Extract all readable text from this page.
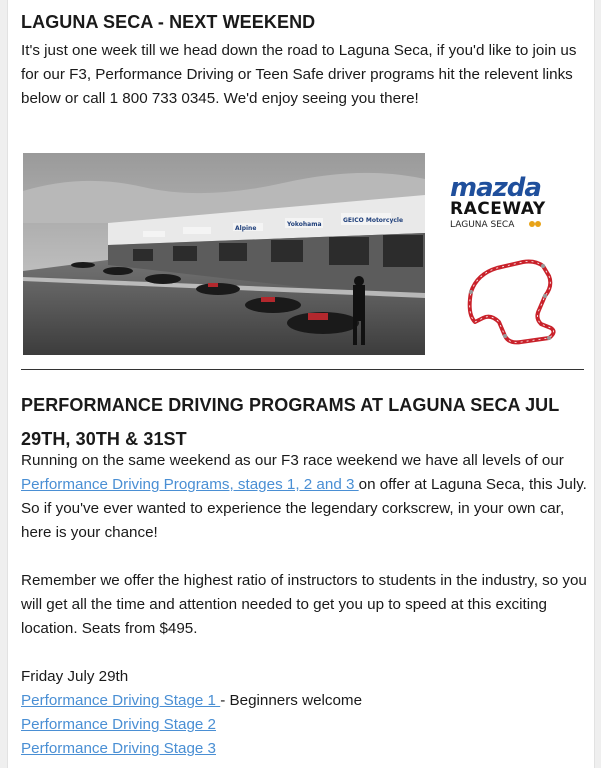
LAGUNA SECA - NEXT WEEKEND

It's just one week till we head down the road to Laguna Seca, if you'd like to join us for our F3, Performance Driving or Teen Safe driver programs hit the relevent links below or call 1 800 733 0345. We'd enjoy seeing you there!

Yokohama
GEICO Motorcycle
Alpine
mazda
RACEWAY
LAGUNA SECA
PERFORMANCE DRIVING PROGRAMS AT LAGUNA SECA JUL 29TH, 30TH & 31ST

Running on the same weekend as our F3 race weekend we have all levels of our Performance Driving Programs, stages 1, 2 and 3 on offer at Laguna Seca, this July. So if you've ever wanted to experience the legendary corkscrew, in your own car, here is your chance!

Remember we offer the highest ratio of instructors to students in the industry, so you will get all the time and attention needed to get you up to speed at this exciting location. Seats from $495.

Friday July 29th

Performance Driving Stage 1 - Beginners welcome

Performance Driving Stage 2

Performance Driving Stage 3
